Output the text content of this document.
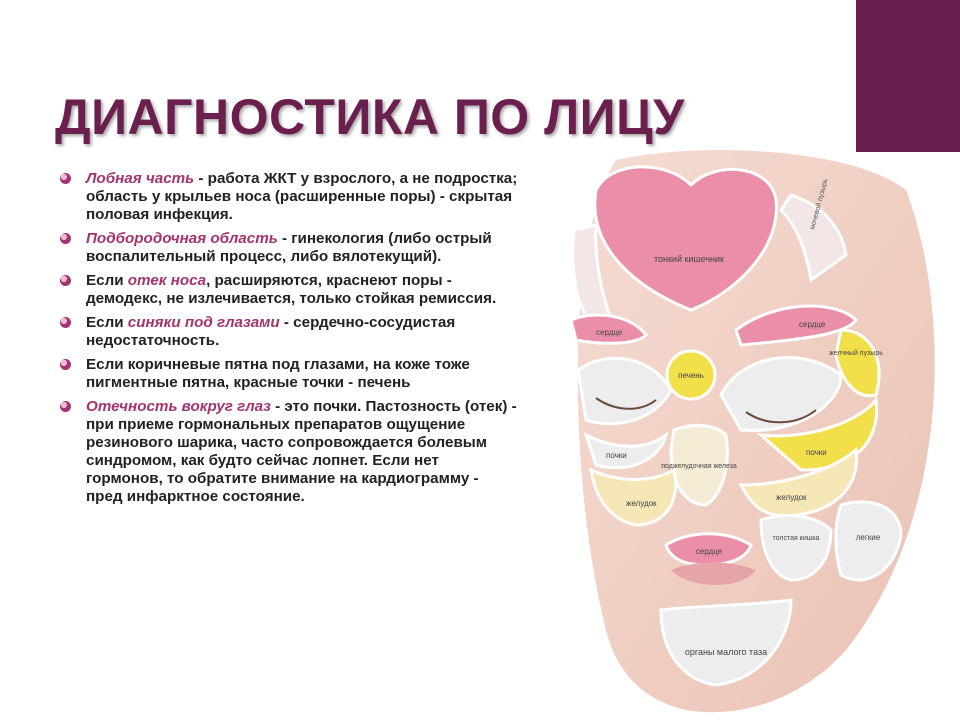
ДИАГНОСТИКА ПО ЛИЦУ
Лобная часть - работа ЖКТ у взрослого, а не подростка; область у крыльев носа (расширенные поры) - скрытая половая инфекция.
Подбородочная область - гинекология (либо острый воспалительный процесс, либо вялотекущий).
Если отек носа, расширяются, краснеют поры - демодекс, не излечивается, только стойкая ремиссия.
Если синяки под глазами - сердечно-сосудистая недостаточность.
Если коричневые пятна под глазами, на коже тоже пигментные пятна, красные точки - печень
Отечность вокруг глаз - это почки. Пастозность (отек) - при приеме гормональных препаратов ощущение резинового шарика, часто сопровождается болевым синдромом, как будто сейчас лопнет. Если нет гормонов, то обратите внимание на кардиограмму - пред инфарктное состояние.
тонкий кишечник
мочевой пузырь
сердце
сердце
печень
желчный пузырь
почки	почки
поджелудочная железа
желудок
желудок
толстая кишка	легкие
сердце
органы малого таза
